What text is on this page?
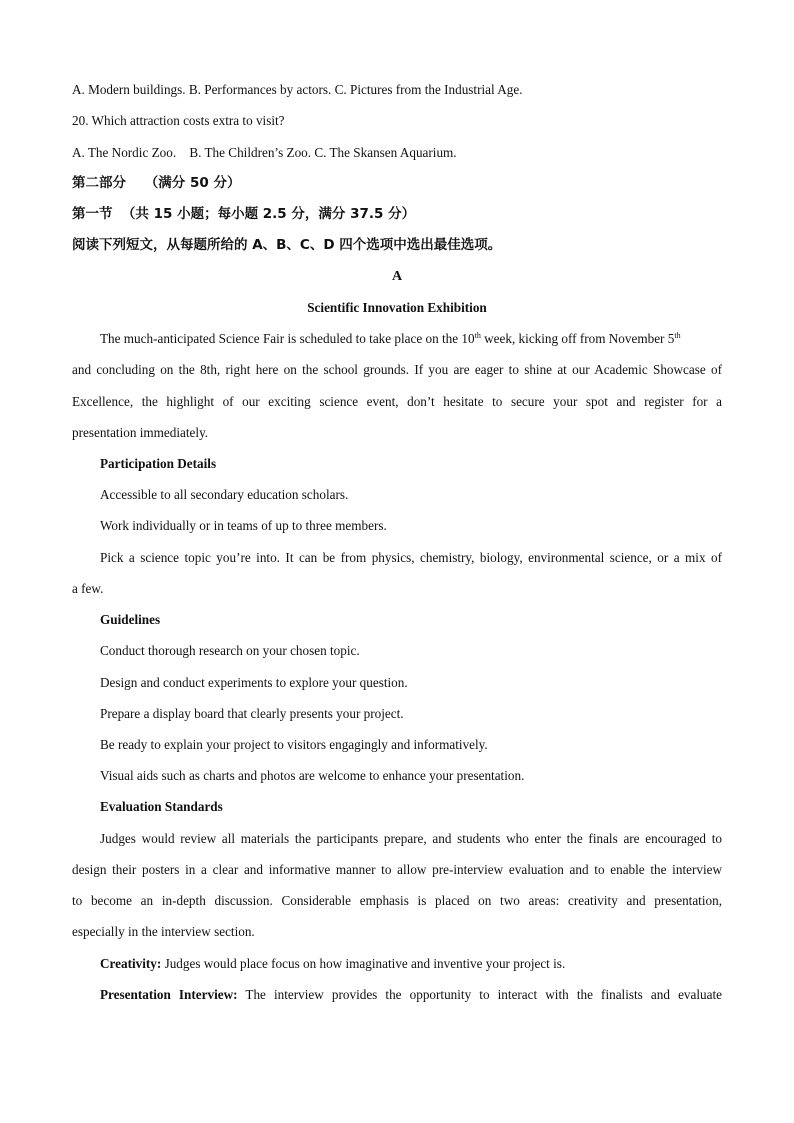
A. Modern buildings. B. Performances by actors. C. Pictures from the Industrial Age.
20. Which attraction costs extra to visit?
A. The Nordic Zoo.    B. The Children’s Zoo. C. The Skansen Aquarium.
第二部分    （满分 50 分）
第一节  （共 15 小题；每小题 2.5 分，满分 37.5 分）
阅读下列短文，从每题所给的 A、B、C、D 四个选项中选出最佳选项。
A
Scientific Innovation Exhibition
The much-anticipated Science Fair is scheduled to take place on the 10th week, kicking off from November 5th
and concluding on the 8th, right here on the school grounds. If you are eager to shine at our Academic Showcase of
Excellence, the highlight of our exciting science event, don’t hesitate to secure your spot and register for a
presentation immediately.
Participation Details
Accessible to all secondary education scholars.
Work individually or in teams of up to three members.
Pick a science topic you’re into. It can be from physics, chemistry, biology, environmental science, or a mix of
a few.
Guidelines
Conduct thorough research on your chosen topic.
Design and conduct experiments to explore your question.
Prepare a display board that clearly presents your project.
Be ready to explain your project to visitors engagingly and informatively.
Visual aids such as charts and photos are welcome to enhance your presentation.
Evaluation Standards
Judges would review all materials the participants prepare, and students who enter the finals are encouraged to
design their posters in a clear and informative manner to allow pre-interview evaluation and to enable the interview
to become an in-depth discussion. Considerable emphasis is placed on two areas: creativity and presentation,
especially in the interview section.
Creativity: Judges would place focus on how imaginative and inventive your project is.
Presentation Interview: The interview provides the opportunity to interact with the finalists and evaluate
